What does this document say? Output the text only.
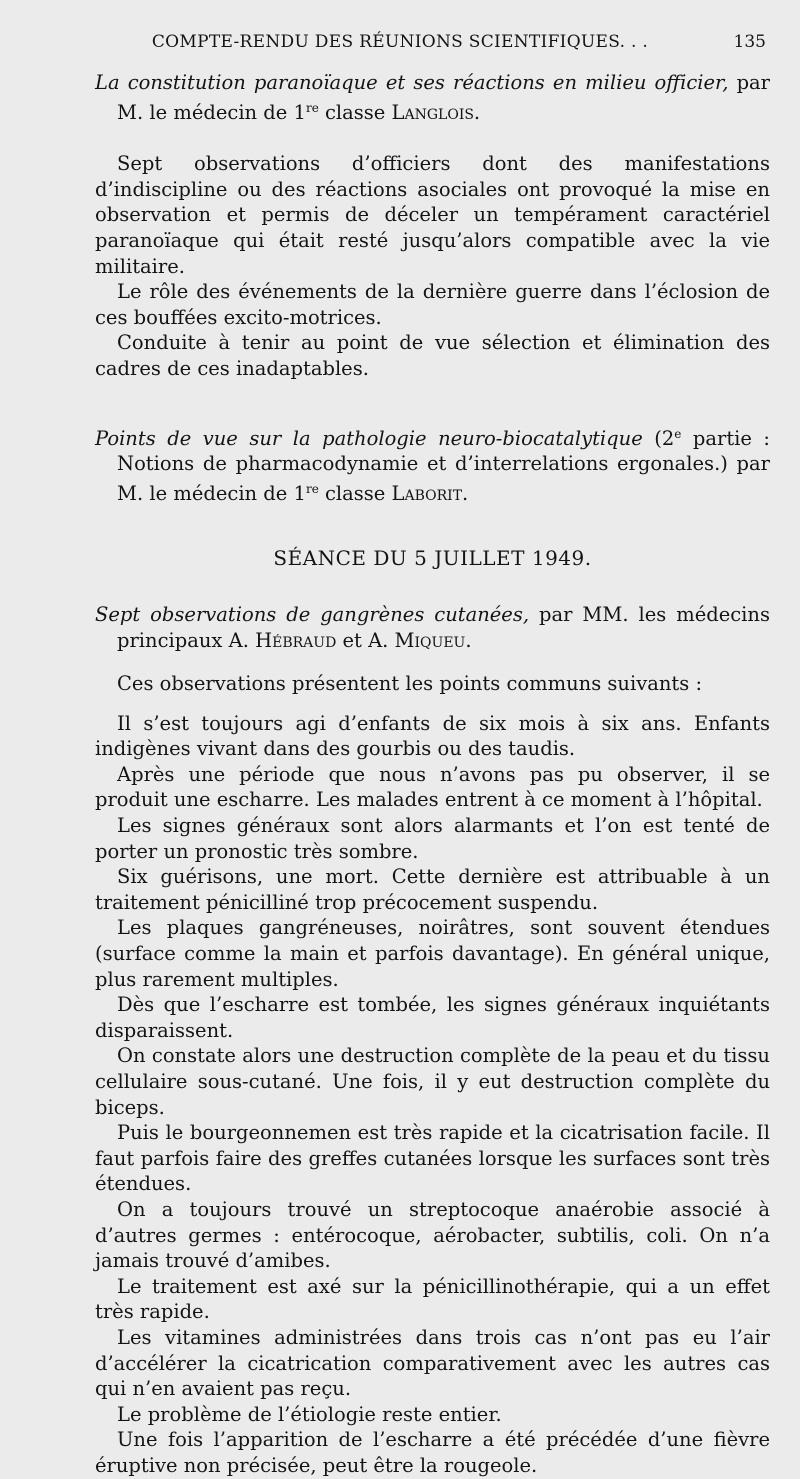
COMPTE-RENDU DES RÉUNIONS SCIENTIFIQUES. . .	135

La constitution paranoïaque et ses réactions en milieu officier, par M. le médecin de 1re classe Langlois.

Sept observations d’officiers dont des manifestations d’indiscipline ou des réactions asociales ont provoqué la mise en observation et permis de déceler un tempérament caractériel paranoïaque qui était resté jusqu’alors compatible avec la vie militaire.

Le rôle des événements de la dernière guerre dans l’éclosion de ces bouffées excito-motrices.

Conduite à tenir au point de vue sélection et élimination des cadres de ces inadaptables.

Points de vue sur la pathologie neuro-biocatalytique (2e partie : Notions de pharmacodynamie et d’interrelations ergonales.) par M. le médecin de 1re classe Laborit.

SÉANCE DU 5 JUILLET 1949.

Sept observations de gangrènes cutanées, par MM. les médecins principaux A. Hébraud et A. Miqueu.

Ces observations présentent les points communs suivants :

Il s’est toujours agi d’enfants de six mois à six ans. Enfants indigènes vivant dans des gourbis ou des taudis.

Après une période que nous n’avons pas pu observer, il se produit une escharre. Les malades entrent à ce moment à l’hôpital.

Les signes généraux sont alors alarmants et l’on est tenté de porter un pronostic très sombre.

Six guérisons, une mort. Cette dernière est attribuable à un traitement pénicilliné trop précocement suspendu.

Les plaques gangréneuses, noirâtres, sont souvent étendues (surface comme la main et parfois davantage). En général unique, plus rarement multiples.

Dès que l’escharre est tombée, les signes généraux inquiétants disparaissent.

On constate alors une destruction complète de la peau et du tissu cellulaire sous-cutané. Une fois, il y eut destruction complète du biceps.

Puis le bourgeonnemen est très rapide et la cicatrisation facile. Il faut parfois faire des greffes cutanées lorsque les surfaces sont très étendues.

On a toujours trouvé un streptocoque anaérobie associé à d’autres germes : entérocoque, aérobacter, subtilis, coli. On n’a jamais trouvé d’amibes.

Le traitement est axé sur la pénicillinothérapie, qui a un effet très rapide.

Les vitamines administrées dans trois cas n’ont pas eu l’air d’accélérer la cicatrication comparativement avec les autres cas qui n’en avaient pas reçu.

Le problème de l’étiologie reste entier.

Une fois l’apparition de l’escharre a été précédée d’une fièvre éruptive non précisée, peut être la rougeole.
